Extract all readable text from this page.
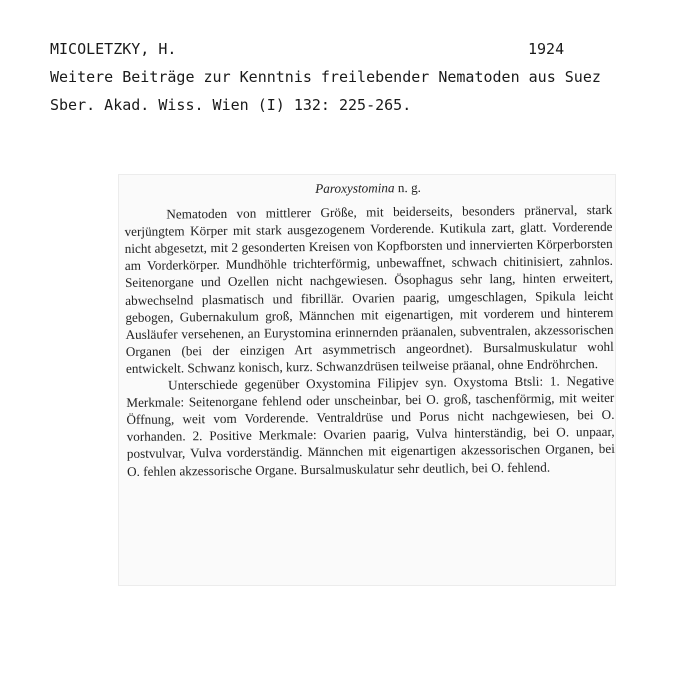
MICOLETZKY, H.	1924
Weitere Beiträge zur Kenntnis freilebender Nematoden aus Suez
Sber. Akad. Wiss. Wien (I) 132: 225-265.
Paroxystomina n. g.

Nematoden von mittlerer Größe, mit beiderseits, besonders pränerval, stark verjüngtem Körper mit stark ausgezogenem Vorderende. Kutikula zart, glatt. Vorderende nicht abgesetzt, mit 2 gesonderten Kreisen von Kopfborsten und innervierten Körperborsten am Vorderkörper. Mundhöhle trichterförmig, unbewaffnet, schwach chitinisiert, zahnlos. Seitenorgane und Ozellen nicht nachgewiesen. Ösophagus sehr lang, hinten erweitert, abwechselnd plasmatisch und fibrillär. Ovarien paarig, umgeschlagen, Spikula leicht gebogen, Gubernakulum groß, Männchen mit eigenartigen, mit vorderem und hinterem Ausläufer versehenen, an Eurystomina erinnernden präanalen, subventralen, akzessorischen Organen (bei der einzigen Art asymmetrisch angeordnet). Bursalmuskulatur wohl entwickelt. Schwanz konisch, kurz. Schwanzdrüsen teilweise präanal, ohne Endröhrchen.

Unterschiede gegenüber Oxystomina Filipjev syn. Oxystoma Btsli: 1. Negative Merkmale: Seitenorgane fehlend oder unscheinbar, bei O. groß, taschenförmig, mit weiter Öffnung, weit vom Vorderende. Ventraldrüse und Porus nicht nachgewiesen, bei O. vorhanden. 2. Positive Merkmale: Ovarien paarig, Vulva hinterständig, bei O. unpaar, postvulvar, Vulva vorderständig. Männchen mit eigenartigen akzessorischen Organen, bei O. fehlen akzessorische Organe. Bursalmuskulatur sehr deutlich, bei O. fehlend.
